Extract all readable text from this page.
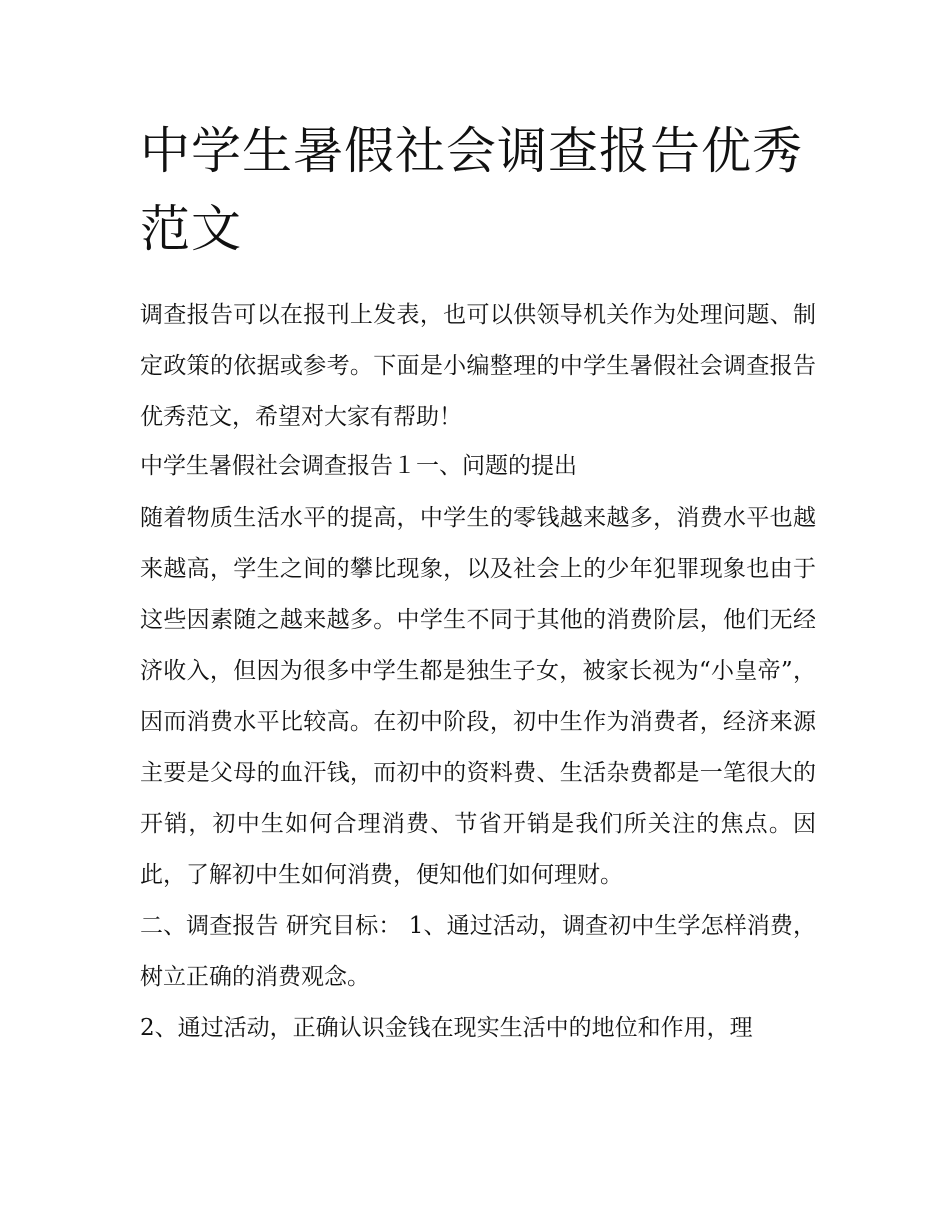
中学生暑假社会调查报告优秀范文

调查报告可以在报刊上发表，也可以供领导机关作为处理问题、制定政策的依据或参考。下面是小编整理的中学生暑假社会调查报告优秀范文，希望对大家有帮助！

中学生暑假社会调查报告１一、问题的提出

随着物质生活水平的提高，中学生的零钱越来越多，消费水平也越来越高，学生之间的攀比现象，以及社会上的少年犯罪现象也由于这些因素随之越来越多。中学生不同于其他的消费阶层，他们无经济收入，但因为很多中学生都是独生子女，被家长视为“小皇帝”，因而消费水平比较高。在初中阶段，初中生作为消费者，经济来源主要是父母的血汗钱，而初中的资料费、生活杂费都是一笔很大的开销，初中生如何合理消费、节省开销是我们所关注的焦点。因此，了解初中生如何消费，便知他们如何理财。

二、调查报告 研究目标： 1、通过活动，调查初中生学怎样消费，树立正确的消费观念。

2、通过活动，正确认识金钱在现实生活中的地位和作用，理
